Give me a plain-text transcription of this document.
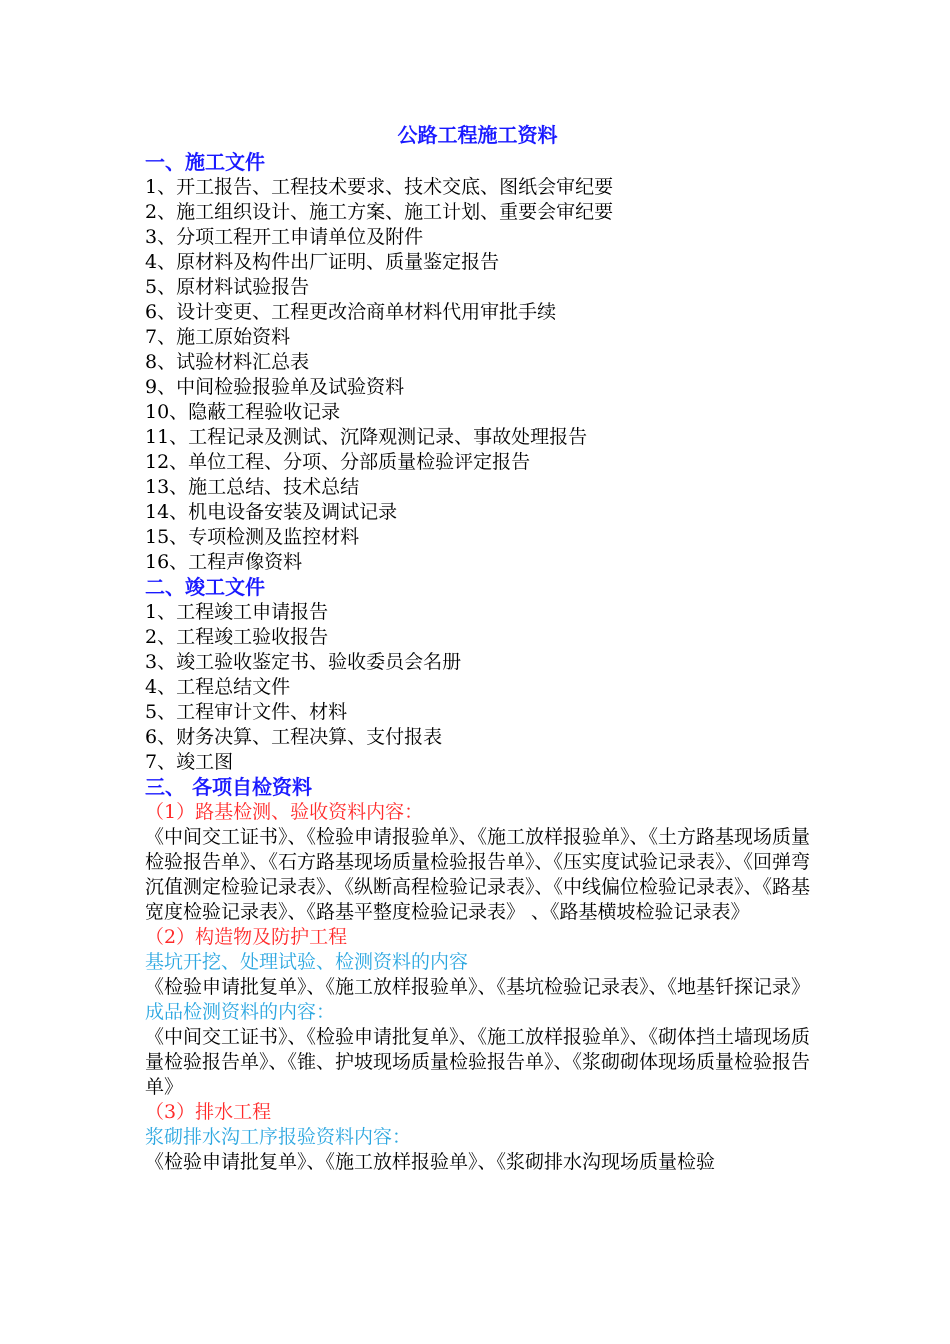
公路工程施工资料

一、施工文件

1、开工报告、工程技术要求、技术交底、图纸会审纪要

2、施工组织设计、施工方案、施工计划、重要会审纪要

3、分项工程开工申请单位及附件

4、原材料及构件出厂证明、质量鉴定报告

5、原材料试验报告

6、设计变更、工程更改洽商单材料代用审批手续

7、施工原始资料

8、试验材料汇总表

9、中间检验报验单及试验资料

10、隐蔽工程验收记录

11、工程记录及测试、沉降观测记录、事故处理报告

12、单位工程、分项、分部质量检验评定报告

13、施工总结、技术总结

14、机电设备安装及调试记录

15、专项检测及监控材料

16、工程声像资料

二、竣工文件

1、工程竣工申请报告

2、工程竣工验收报告

3、竣工验收鉴定书、验收委员会名册

4、工程总结文件

5、工程审计文件、材料

6、财务决算、工程决算、支付报表

7、竣工图

三、 各项自检资料

（1）路基检测、验收资料内容：

《中间交工证书》、《检验申请报验单》、《施工放样报验单》、《土方路基现场质量检验报告单》、《石方路基现场质量检验报告单》、《压实度试验记录表》、《回弹弯沉值测定检验记录表》、《纵断高程检验记录表》、《中线偏位检验记录表》、《路基宽度检验记录表》、《路基平整度检验记录表》 、《路基横坡检验记录表》

（2）构造物及防护工程

基坑开挖、处理试验、检测资料的内容

《检验申请批复单》、《施工放样报验单》、《基坑检验记录表》、《地基钎探记录》

成品检测资料的内容：

《中间交工证书》、《检验申请批复单》、《施工放样报验单》、《砌体挡土墙现场质量检验报告单》、《锥、护坡现场质量检验报告单》、《浆砌砌体现场质量检验报告单》

（3）排水工程

浆砌排水沟工序报验资料内容：

《检验申请批复单》、《施工放样报验单》、《浆砌排水沟现场质量检验
